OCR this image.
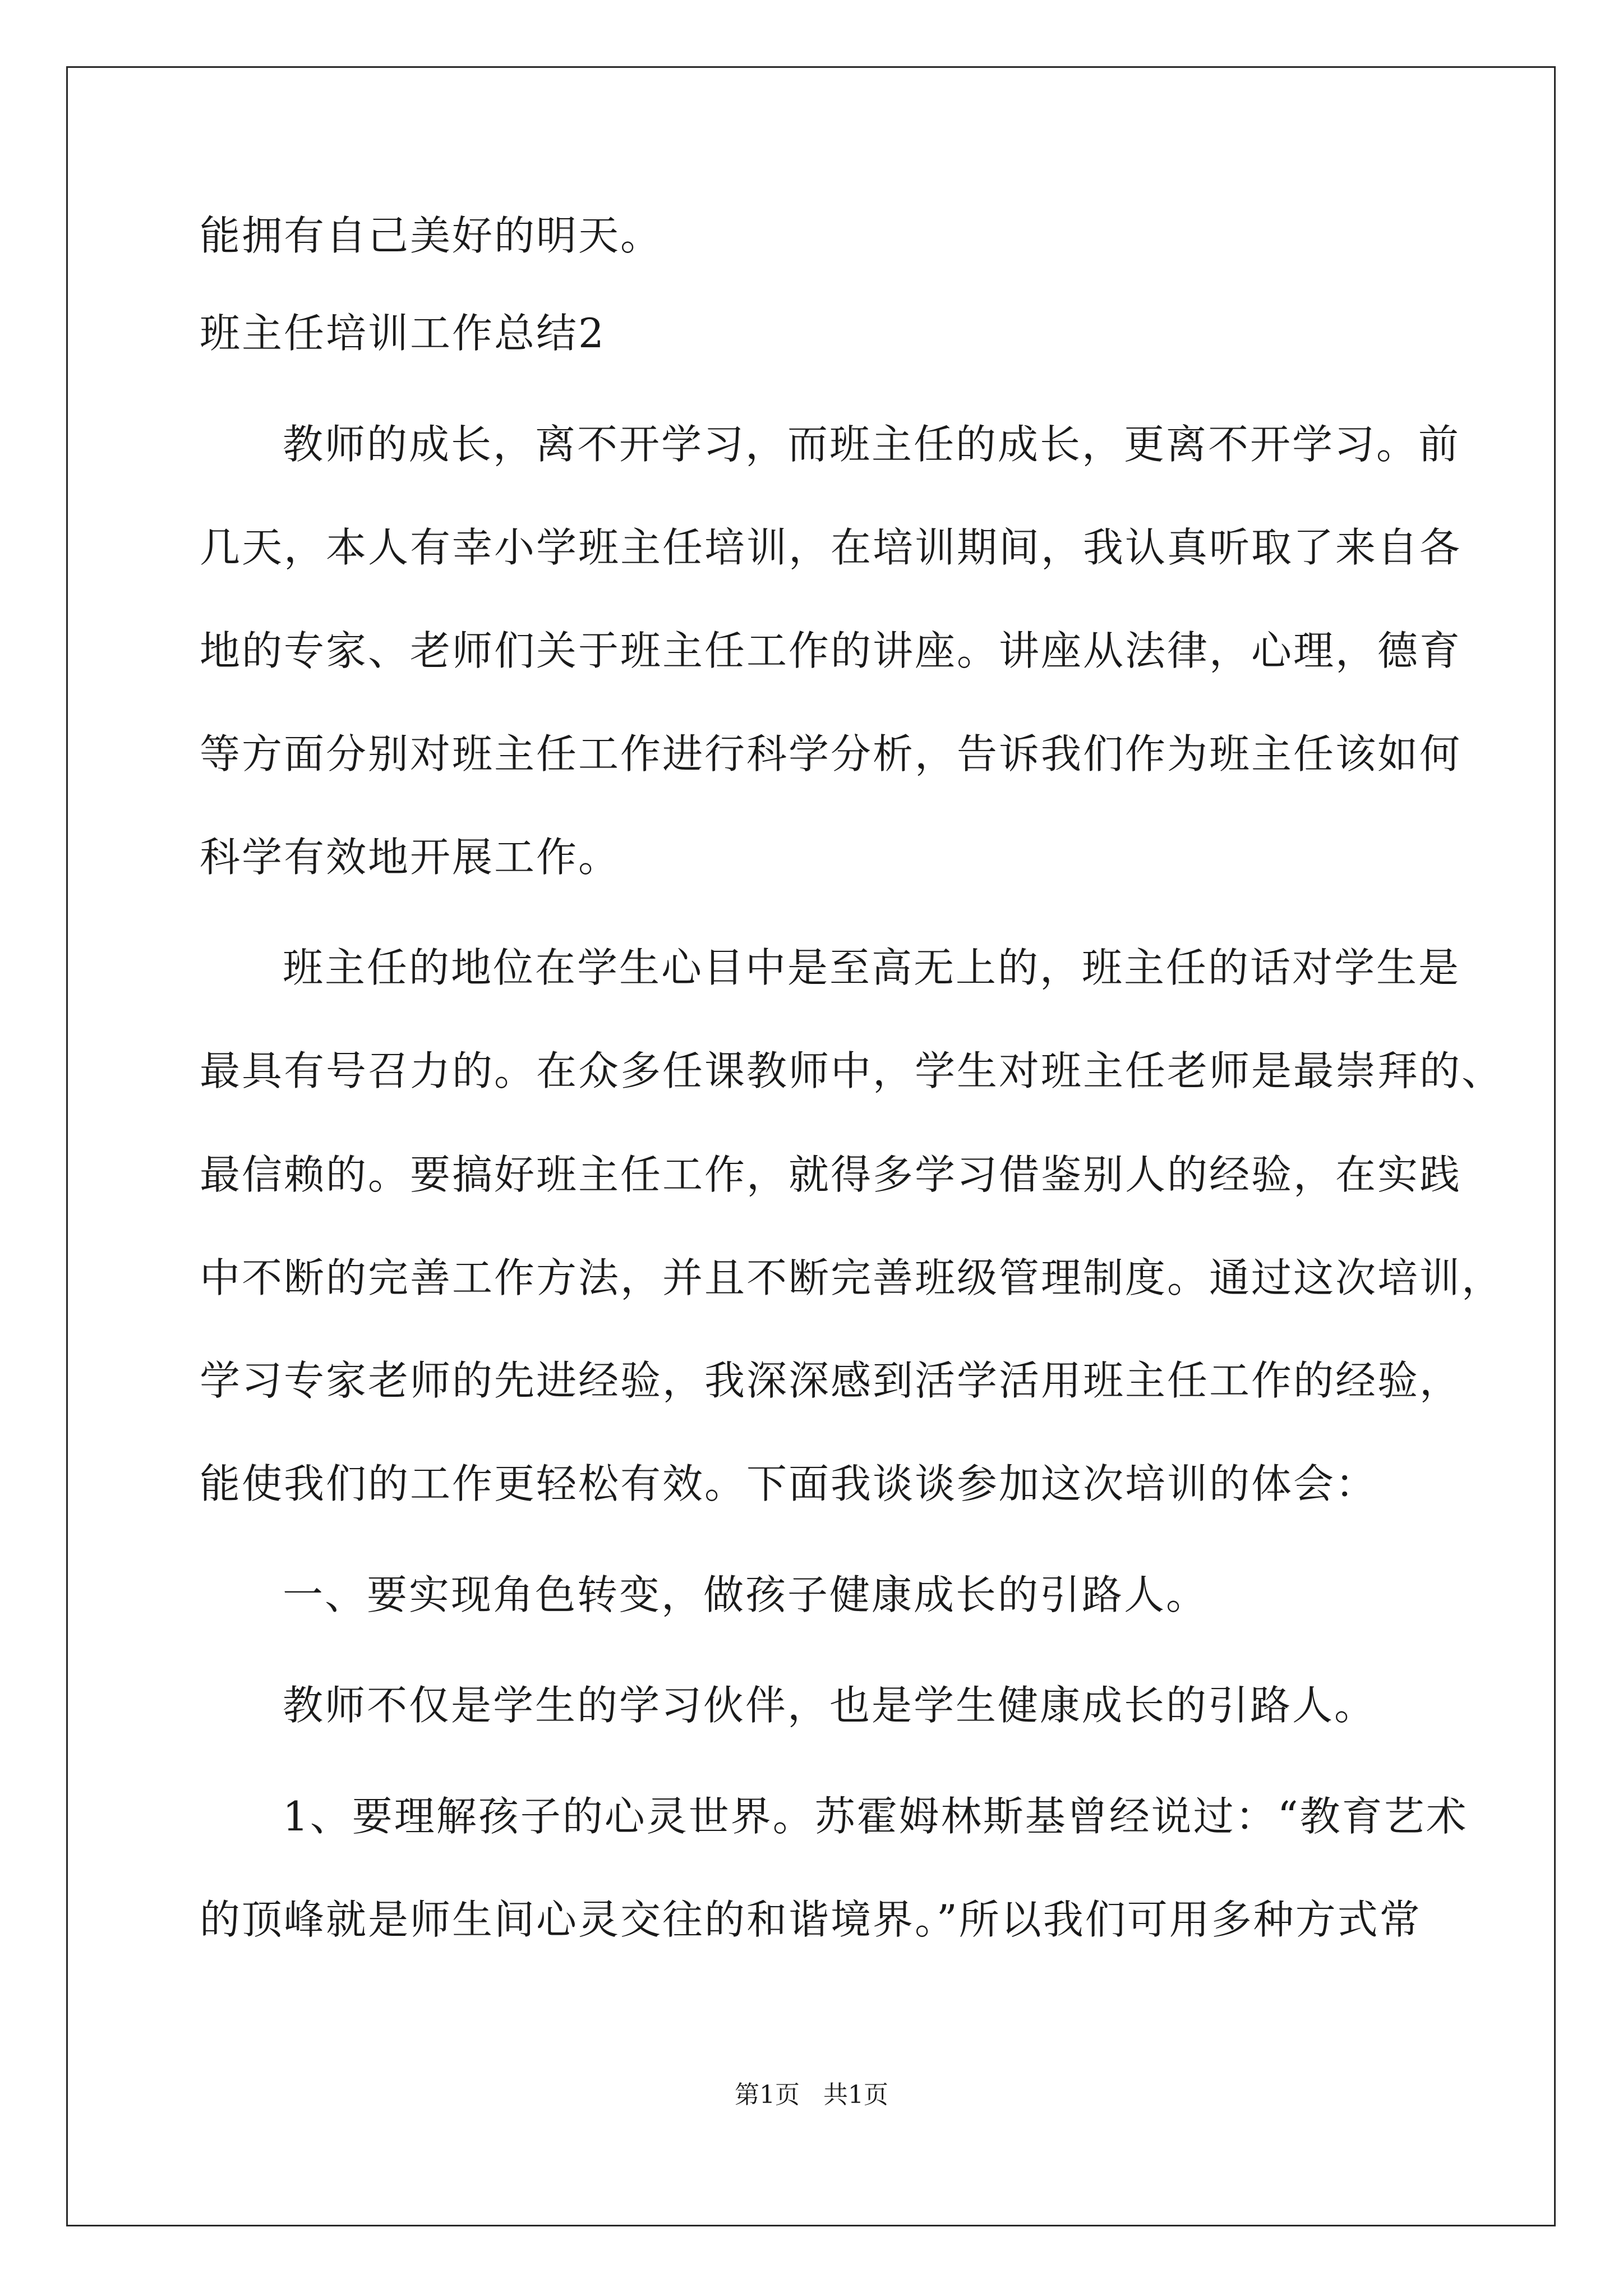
能拥有自己美好的明天。
班主任培训工作总结2
教师的成长，离不开学习，而班主任的成长，更离不开学习。前
几天，本人有幸小学班主任培训，在培训期间，我认真听取了来自各
地的专家、老师们关于班主任工作的讲座。讲座从法律，心理，德育
等方面分别对班主任工作进行科学分析，告诉我们作为班主任该如何
科学有效地开展工作。
班主任的地位在学生心目中是至高无上的，班主任的话对学生是
最具有号召力的。在众多任课教师中，学生对班主任老师是最崇拜的、
最信赖的。要搞好班主任工作，就得多学习借鉴别人的经验，在实践
中不断的完善工作方法，并且不断完善班级管理制度。通过这次培训，
学习专家老师的先进经验，我深深感到活学活用班主任工作的经验，
能使我们的工作更轻松有效。下面我谈谈参加这次培训的体会：
一、要实现角色转变，做孩子健康成长的引路人。
教师不仅是学生的学习伙伴，也是学生健康成长的引路人。
1、要理解孩子的心灵世界。苏霍姆林斯基曾经说过：“教育艺术
的顶峰就是师生间心灵交往的和谐境界。”所以我们可用多种方式常
第1页   共1页
